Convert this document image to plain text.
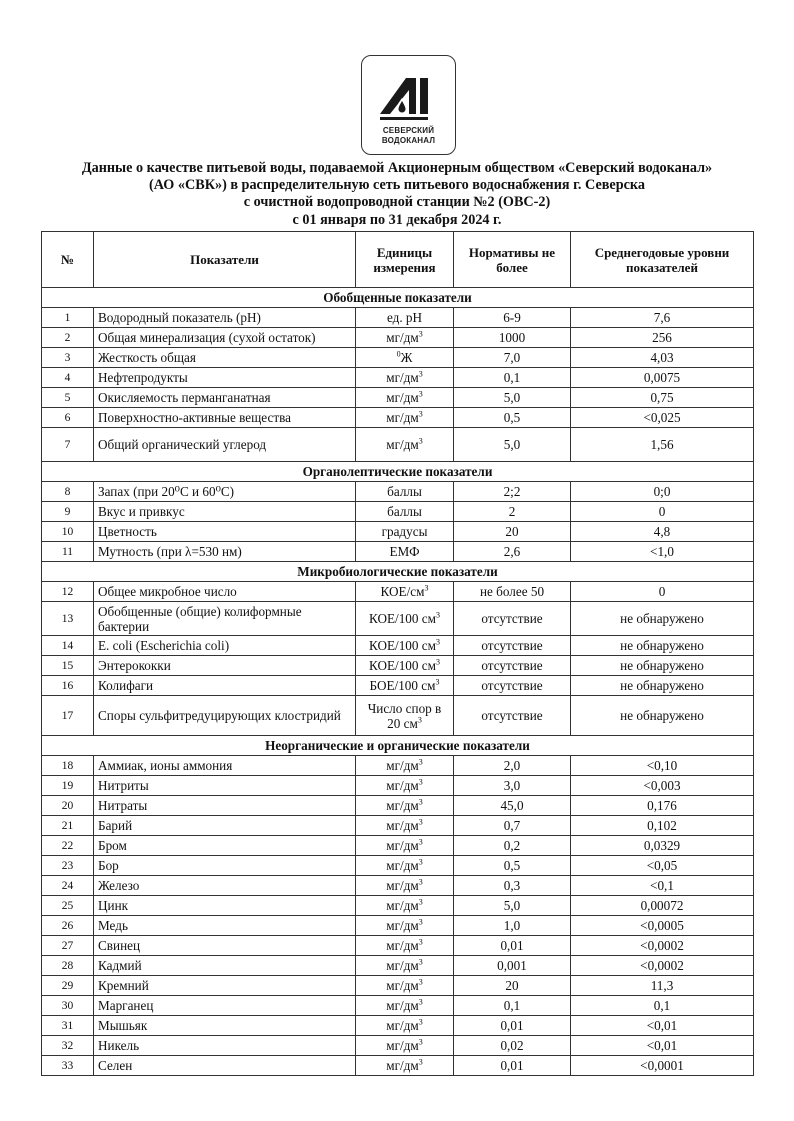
СЕВЕРСКИЙ
ВОДОКАНАЛ
Данные о качестве питьевой воды, подаваемой Акционерным обществом «Северский водоканал»
(АО «СВК») в распределительную сеть питьевого водоснабжения г. Северска
с очистной водопроводной станции №2 (ОВС-2)
с 01 января по 31 декабря 2024 г.
№	Показатели	Единицы измерения	Нормативы не более	Среднегодовые уровни показателей
Обобщенные показатели				
1	Водородный показатель (pH)	ед. pH	6-9	7,6
2	Общая минерализация (сухой остаток)	$мг/дм^3$	1000	256
3	Жесткость общая	$^0$Ж	7,0	4,03
4	Нефтепродукты	$мг/дм^3$	0,1	0,0075
5	Окисляемость перманганатная	$мг/дм^3$	5,0	0,75
6	Поверхностно-активные вещества	$мг/дм^3$	0,5	<0,025
7	Общий органический углерод	$мг/дм^3$	5,0	1,56
Органолептические показатели				
8	Запах (при 20⁰С и 60⁰С)	баллы	2;2	0;0
9	Вкус и привкус	баллы	2	0
10	Цветность	градусы	20	4,8
11	Мутность (при λ=530 нм)	ЕМФ	2,6	<1,0
Микробиологические показатели				
12	Общее микробное число	КОЕ/$см^3$	не более 50	0
13	Обобщенные (общие) колиформные бактерии	КОЕ/100 $см^3$	отсутствие	не обнаружено
14	E. coli (Escherichia coli)	КОЕ/100 $см^3$	отсутствие	не обнаружено
15	Энтерококки	КОЕ/100 $см^3$	отсутствие	не обнаружено
16	Колифаги	БОЕ/100 $см^3$	отсутствие	не обнаружено
17	Споры сульфитредуцирующих клостридий	Число спор в 20 $см^3$	отсутствие	не обнаружено
Неорганические и органические показатели				
18	Аммиак, ионы аммония	$мг/дм^3$	2,0	<0,10
19	Нитриты	$мг/дм^3$	3,0	<0,003
20	Нитраты	$мг/дм^3$	45,0	0,176
21	Барий	$мг/дм^3$	0,7	0,102
22	Бром	$мг/дм^3$	0,2	0,0329
23	Бор	$мг/дм^3$	0,5	<0,05
24	Железо	$мг/дм^3$	0,3	<0,1
25	Цинк	$мг/дм^3$	5,0	0,00072
26	Медь	$мг/дм^3$	1,0	<0,0005
27	Свинец	$мг/дм^3$	0,01	<0,0002
28	Кадмий	$мг/дм^3$	0,001	<0,0002
29	Кремний	$мг/дм^3$	20	11,3
30	Марганец	$мг/дм^3$	0,1	0,1
31	Мышьяк	$мг/дм^3$	0,01	<0,01
32	Никель	$мг/дм^3$	0,02	<0,01
33	Селен	$мг/дм^3$	0,01	<0,0001
